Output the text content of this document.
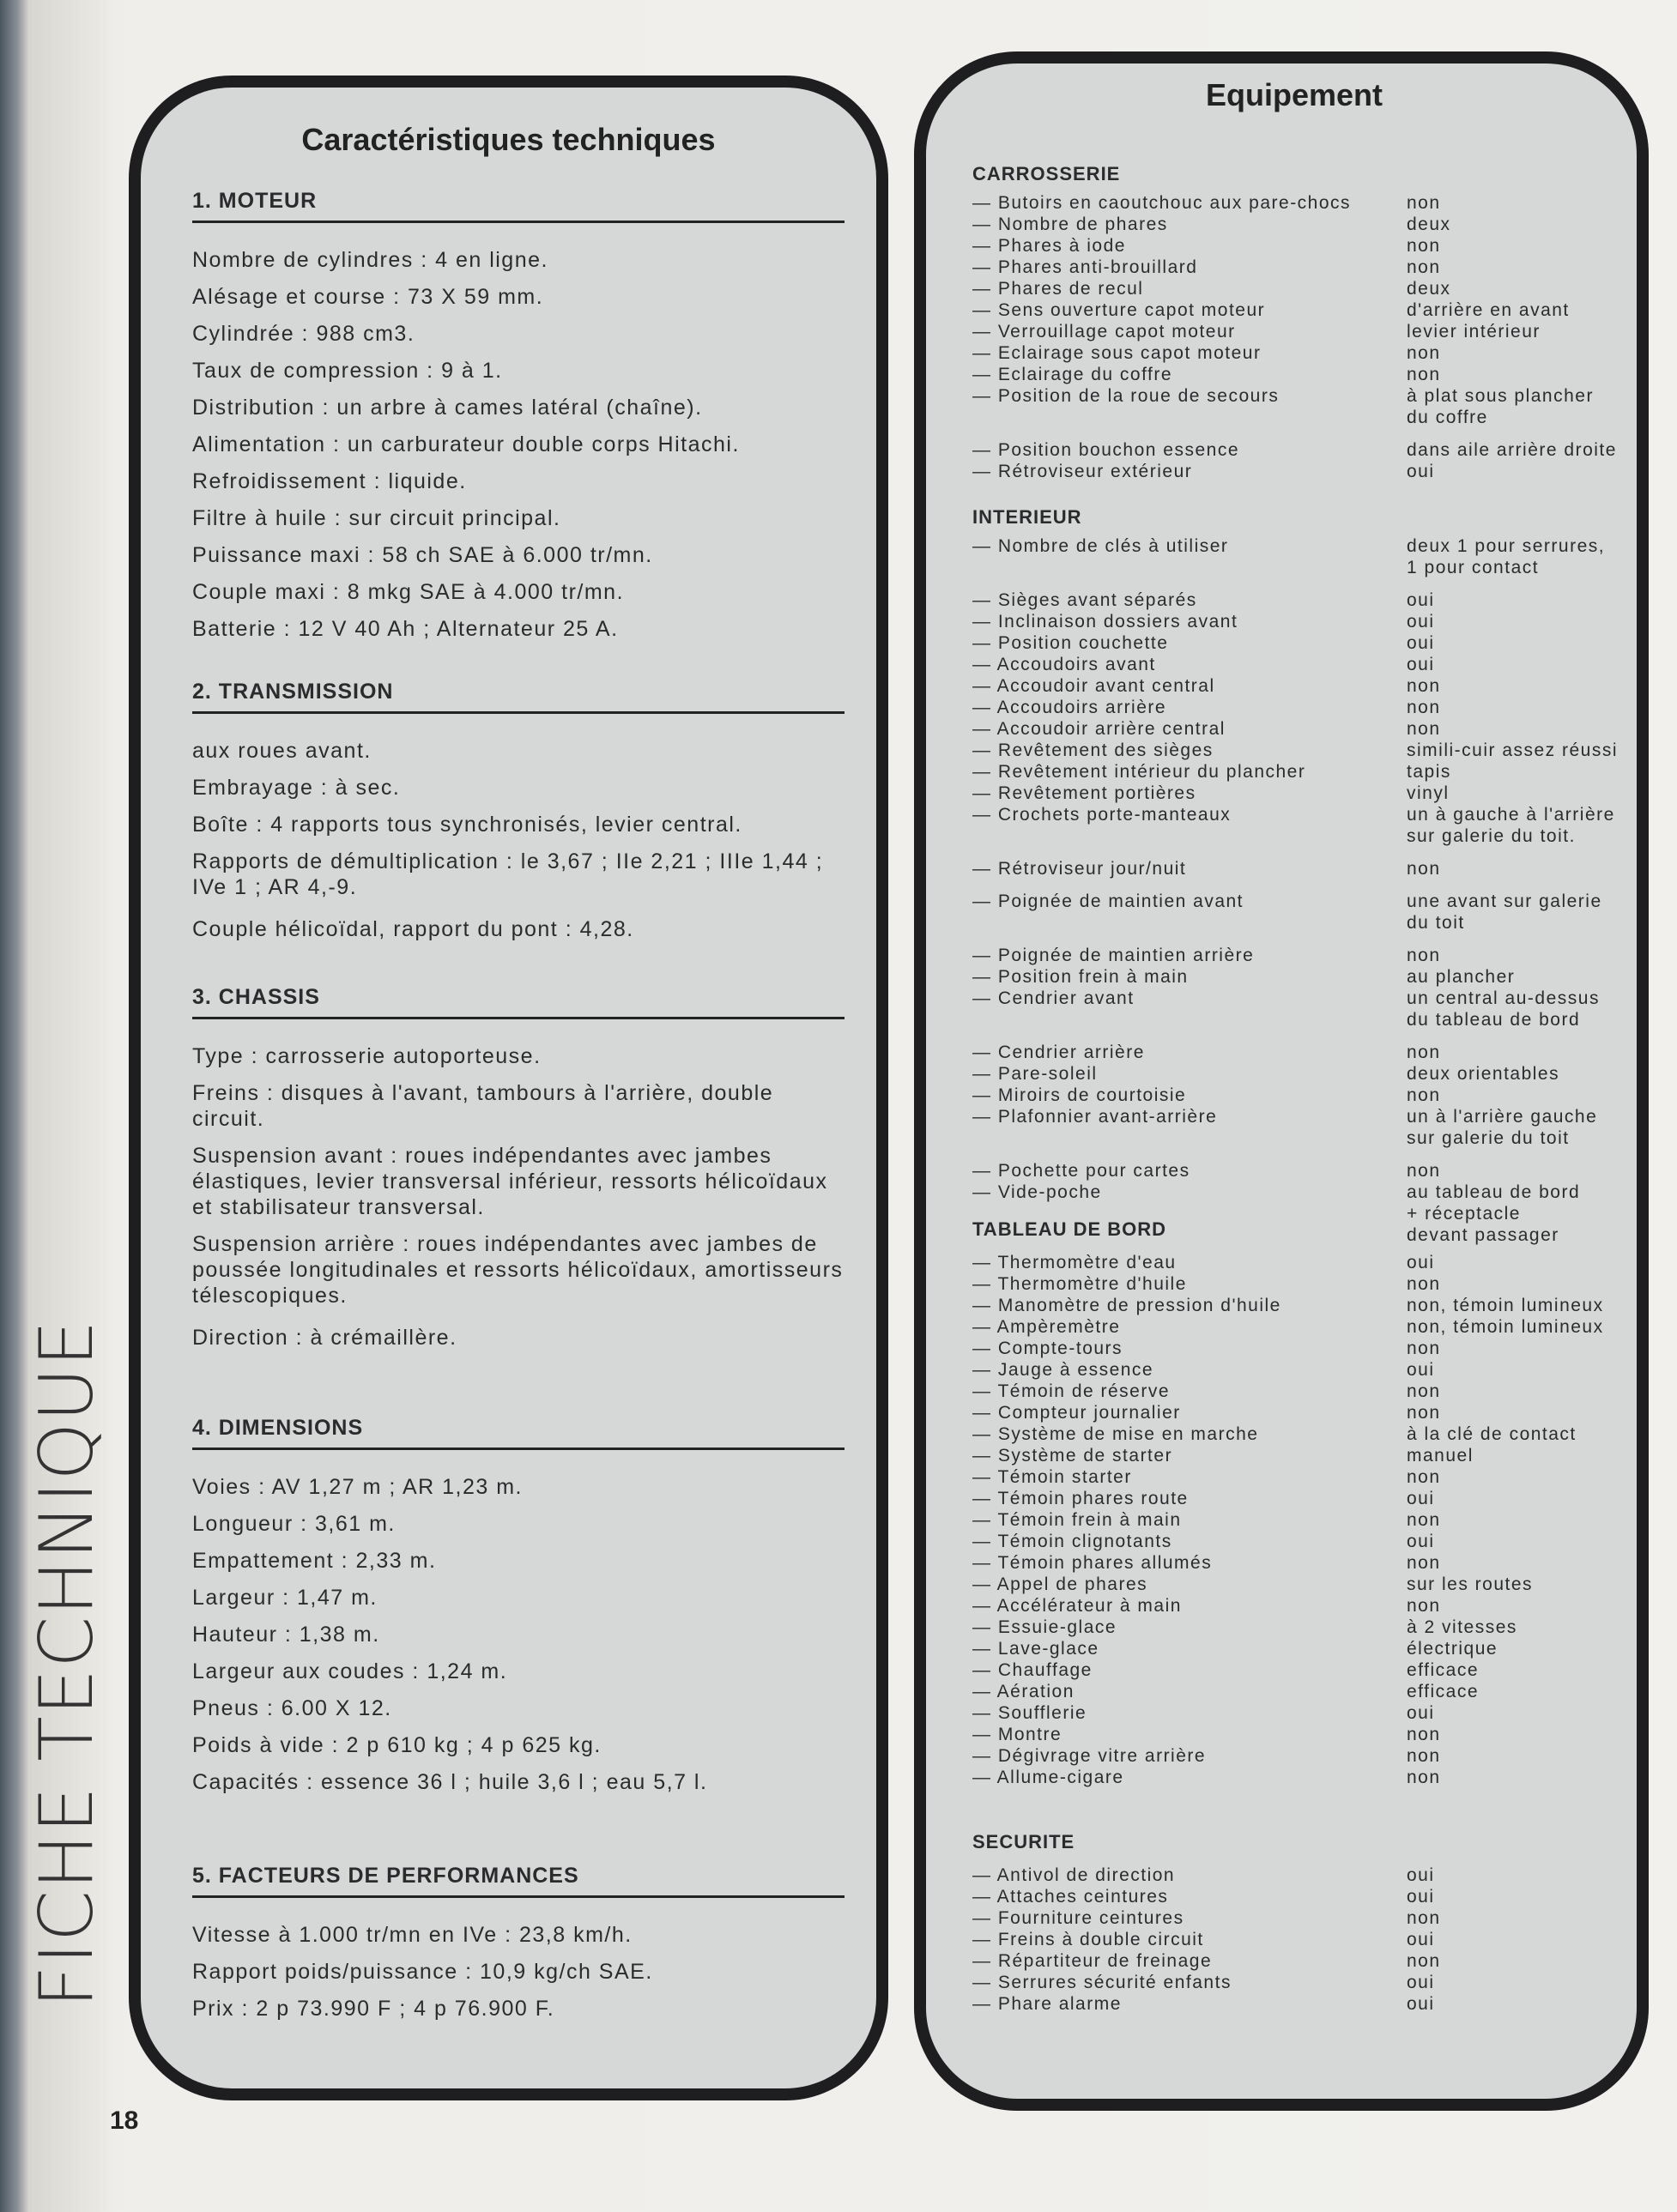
FICHE TECHNIQUE
18
Caractéristiques techniques
1. MOTEUR
Nombre de cylindres : 4 en ligne.
Alésage et course : 73 X 59 mm.
Cylindrée : 988 cm3.
Taux de compression : 9 à 1.
Distribution : un arbre à cames latéral (chaîne).
Alimentation : un carburateur double corps Hitachi.
Refroidissement : liquide.
Filtre à huile : sur circuit principal.
Puissance maxi : 58 ch SAE à 6.000 tr/mn.
Couple maxi : 8 mkg SAE à 4.000 tr/mn.
Batterie : 12 V 40 Ah ; Alternateur 25 A.
2. TRANSMISSION
aux roues avant.
Embrayage : à sec.
Boîte : 4 rapports tous synchronisés, levier central.
Rapports de démultiplication : le 3,67 ; IIe 2,21 ; IIIe 1,44 ; IVe 1 ; AR 4,-9.
Couple hélicoïdal, rapport du pont : 4,28.
3. CHASSIS
Type : carrosserie autoporteuse.
Freins : disques à l'avant, tambours à l'arrière, double circuit.
Suspension avant : roues indépendantes avec jambes élastiques, levier transversal inférieur, ressorts hélicoïdaux et stabilisateur transversal.
Suspension arrière : roues indépendantes avec jambes de poussée longitudinales et ressorts hélicoïdaux, amortisseurs télescopiques.
Direction : à crémaillère.
4. DIMENSIONS
Voies : AV 1,27 m ; AR 1,23 m.
Longueur : 3,61 m.
Empattement : 2,33 m.
Largeur : 1,47 m.
Hauteur : 1,38 m.
Largeur aux coudes : 1,24 m.
Pneus : 6.00 X 12.
Poids à vide : 2 p 610 kg ; 4 p 625 kg.
Capacités : essence 36 l ; huile 3,6 l ; eau 5,7 l.
5. FACTEURS DE PERFORMANCES
Vitesse à 1.000 tr/mn en IVe : 23,8 km/h.
Rapport poids/puissance : 10,9 kg/ch SAE.
Prix : 2 p 73.990 F ; 4 p 76.900 F.
Equipement
CARROSSERIE
— Butoirs en caoutchouc aux pare-chocs	non
— Nombre de phares	deux
— Phares à iode	non
— Phares anti-brouillard	non
— Phares de recul	deux
— Sens ouverture capot moteur	d'arrière en avant
— Verrouillage capot moteur	levier intérieur
— Eclairage sous capot moteur	non
— Eclairage du coffre	non
— Position de la roue de secours	à plat sous plancher
du coffre
— Position bouchon essence	dans aile arrière droite
— Rétroviseur extérieur	oui
INTERIEUR
— Nombre de clés à utiliser	deux 1 pour serrures,
1 pour contact
— Sièges avant séparés	oui
— Inclinaison dossiers avant	oui
— Position couchette	oui
— Accoudoirs avant	oui
— Accoudoir avant central	non
— Accoudoirs arrière	non
— Accoudoir arrière central	non
— Revêtement des sièges	simili-cuir assez réussi
— Revêtement intérieur du plancher	tapis
— Revêtement portières	vinyl
— Crochets porte-manteaux	un à gauche à l'arrière
sur galerie du toit.
— Rétroviseur jour/nuit	non
— Poignée de maintien avant	une avant sur galerie
du toit
— Poignée de maintien arrière	non
— Position frein à main	au plancher
— Cendrier avant	un central au-dessus
du tableau de bord
— Cendrier arrière	non
— Pare-soleil	deux orientables
— Miroirs de courtoisie	non
— Plafonnier avant-arrière	un à l'arrière gauche
sur galerie du toit
— Pochette pour cartes	non
— Vide-poche	au tableau de bord
+ réceptacle
devant passager
TABLEAU DE BORD
— Thermomètre d'eau	oui
— Thermomètre d'huile	non
— Manomètre de pression d'huile	non, témoin lumineux
— Ampèremètre	non, témoin lumineux
— Compte-tours	non
— Jauge à essence	oui
— Témoin de réserve	non
— Compteur journalier	non
— Système de mise en marche	à la clé de contact
— Système de starter	manuel
— Témoin starter	non
— Témoin phares route	oui
— Témoin frein à main	non
— Témoin clignotants	oui
— Témoin phares allumés	non
— Appel de phares	sur les routes
— Accélérateur à main	non
— Essuie-glace	à 2 vitesses
— Lave-glace	électrique
— Chauffage	efficace
— Aération	efficace
— Soufflerie	oui
— Montre	non
— Dégivrage vitre arrière	non
— Allume-cigare	non
SECURITE
— Antivol de direction	oui
— Attaches ceintures	oui
— Fourniture ceintures	non
— Freins à double circuit	oui
— Répartiteur de freinage	non
— Serrures sécurité enfants	oui
— Phare alarme	oui
